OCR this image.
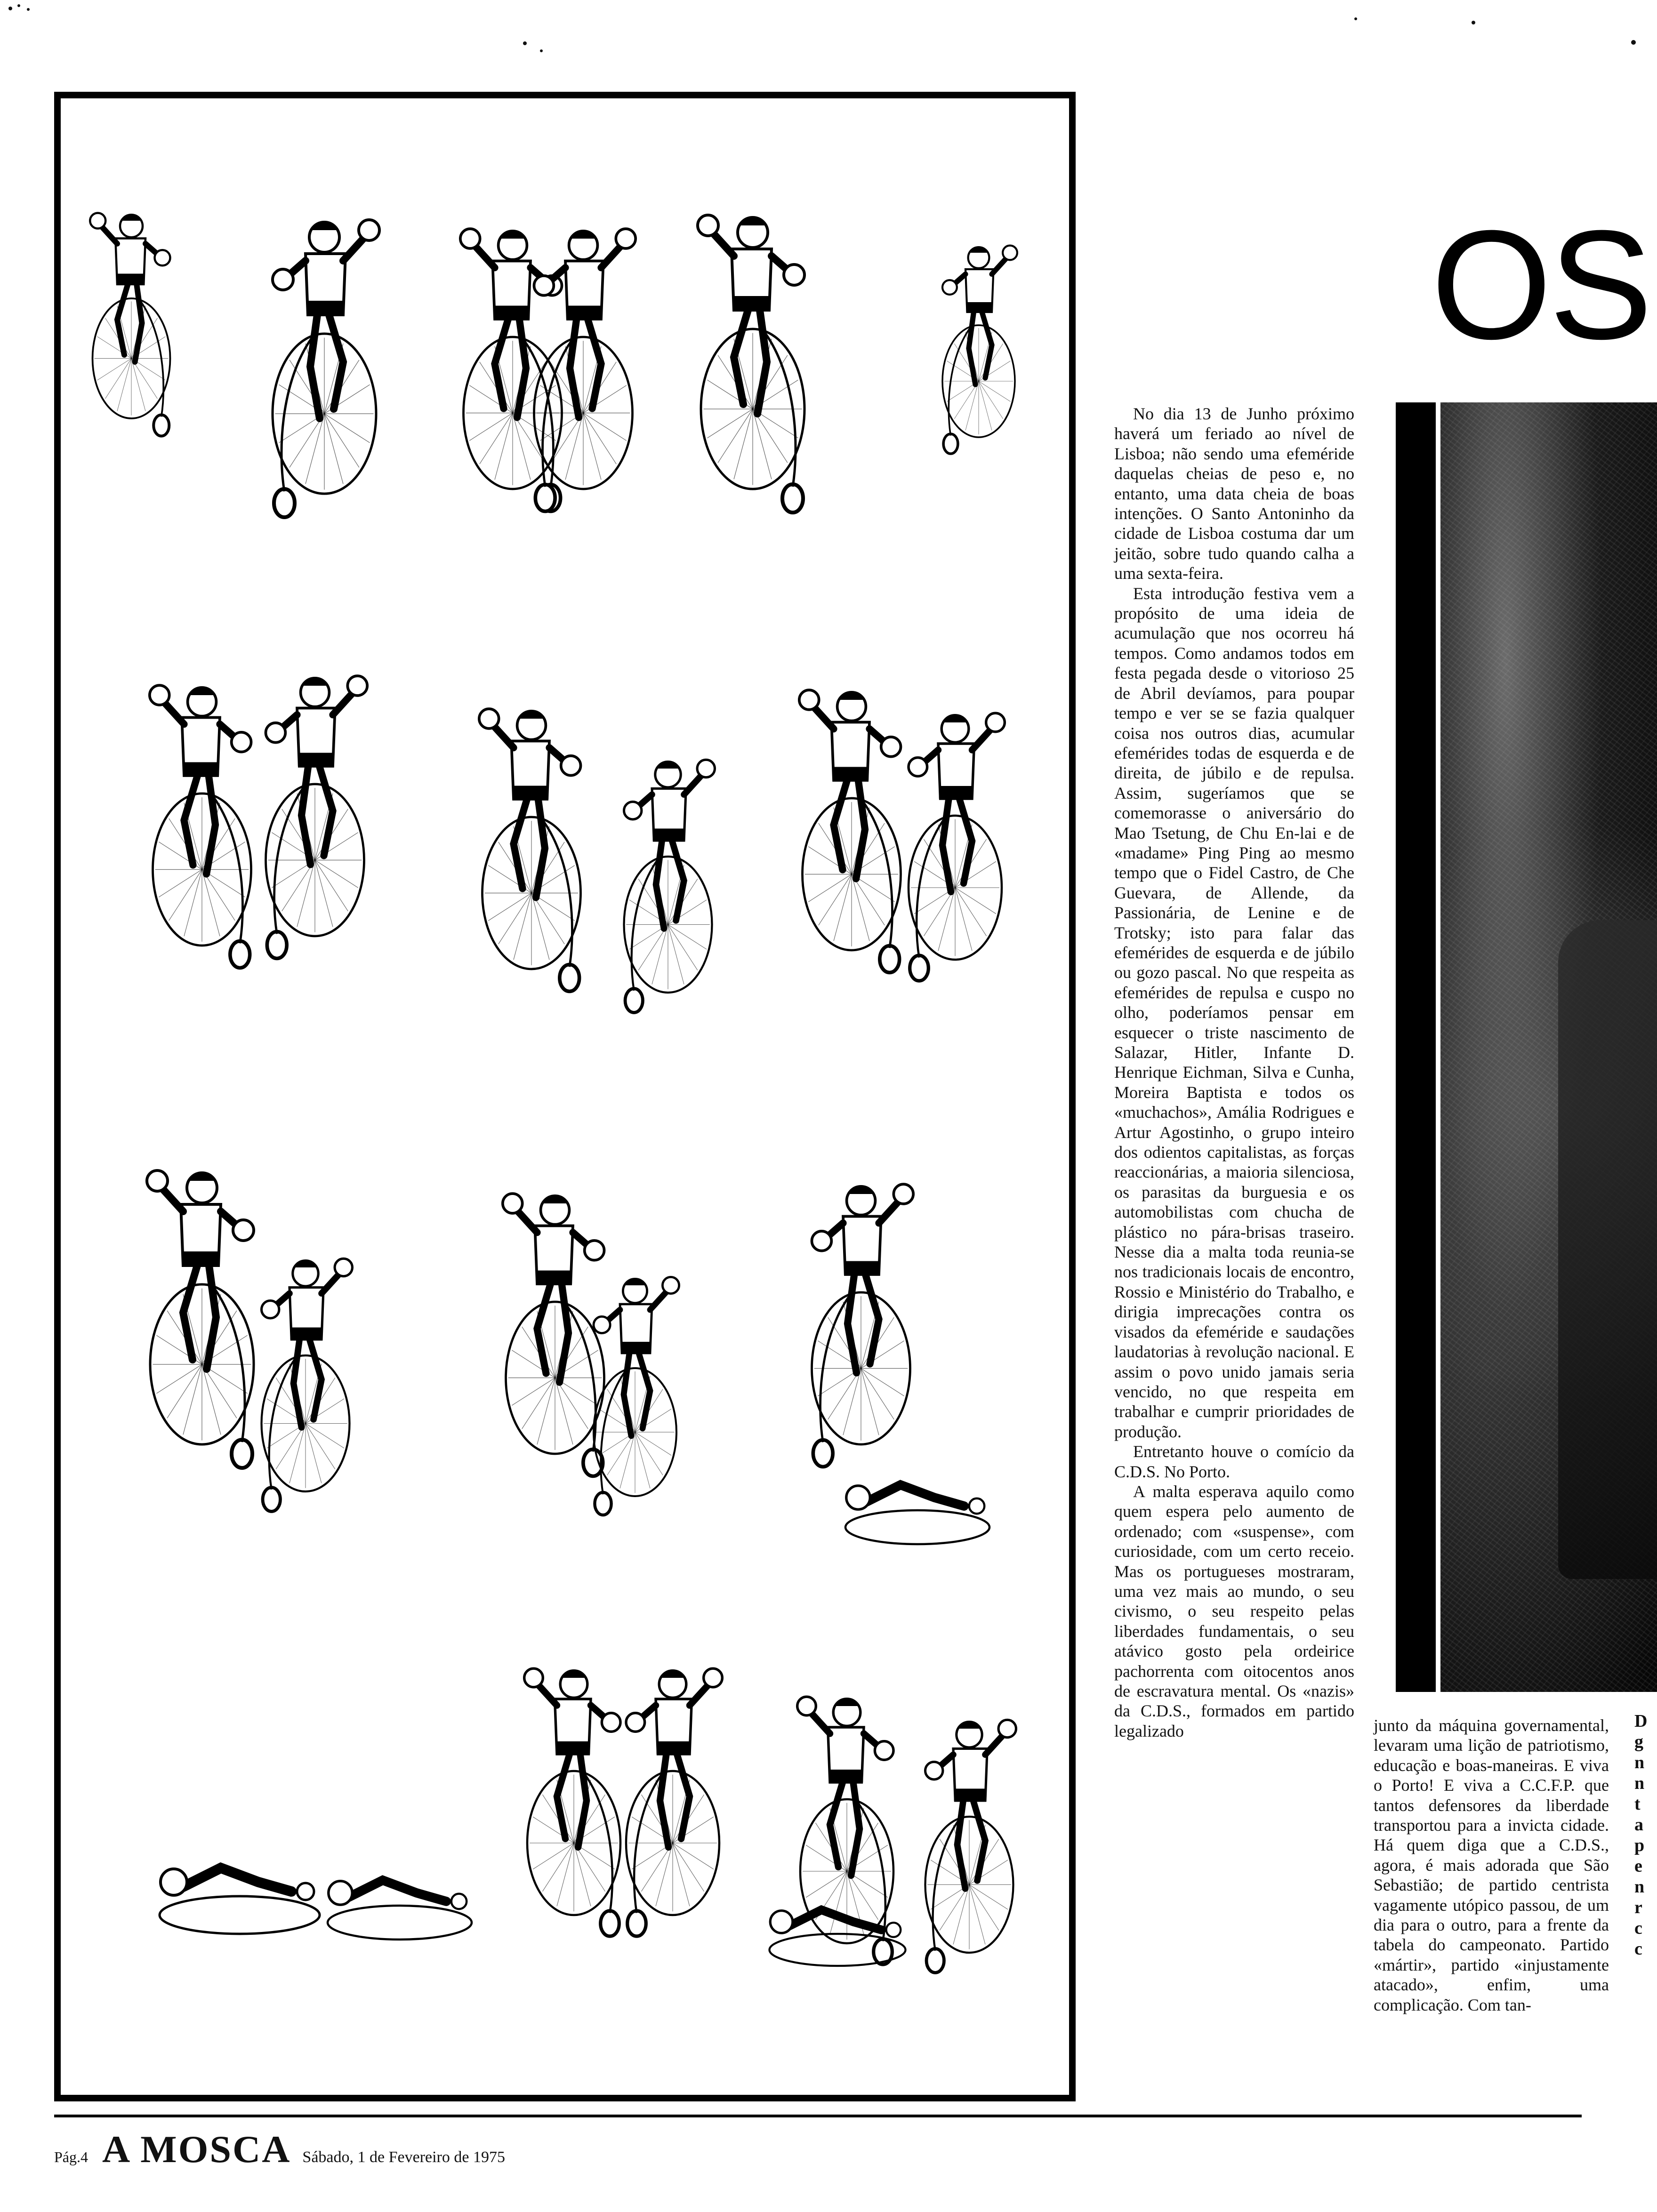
OS

No dia 13 de Junho próximo haverá um feriado ao nível de Lisboa; não sendo uma efeméride daquelas cheias de peso e, no entanto, uma data cheia de boas intenções. O Santo Antoninho da cidade de Lisboa costuma dar um jeitão, sobre tudo quando calha a uma sexta-feira.

Esta introdução festiva vem a propósito de uma ideia de acumulação que nos ocorreu há tempos. Como andamos todos em festa pegada desde o vitorioso 25 de Abril devíamos, para poupar tempo e ver se se fazia qualquer coisa nos outros dias, acumular efemérides todas de esquerda e de direita, de júbilo e de repulsa. Assim, sugeríamos que se comemorasse o aniversário do Mao Tsetung, de Chu En-lai e de «madame» Ping Ping ao mesmo tempo que o Fidel Castro, de Che Guevara, de Allende, da Passionária, de Lenine e de Trotsky; isto para falar das efemérides de esquerda e de júbilo ou gozo pascal. No que respeita as efemérides de repulsa e cuspo no olho, poderíamos pensar em esquecer o triste nascimento de Salazar, Hitler, Infante D. Henrique Eichman, Silva e Cunha, Moreira Baptista e todos os «muchachos», Amália Rodrigues e Artur Agostinho, o grupo inteiro dos odientos capitalistas, as forças reaccionárias, a maioria silenciosa, os parasitas da burguesia e os automobilistas com chucha de plástico no pára-brisas traseiro. Nesse dia a malta toda reunia-se nos tradicionais locais de encontro, Rossio e Ministério do Trabalho, e dirigia imprecações contra os visados da efeméride e saudações laudatorias à revolução nacional. E assim o povo unido jamais seria vencido, no que respeita em trabalhar e cumprir prioridades de produção.

Entretanto houve o comício da C.D.S. No Porto.

A malta esperava aquilo como quem espera pelo aumento de ordenado; com «suspense», com curiosidade, com um certo receio. Mas os portugueses mostraram, uma vez mais ao mundo, o seu civismo, o seu respeito pelas liberdades fundamentais, o seu atávico gosto pela ordeirice pachorrenta com oitocentos anos de escravatura mental. Os «nazis» da C.D.S., formados em partido legalizado	junto da máquina governamental, levaram uma lição de patriotismo, educação e boas-maneiras. E viva o Porto! E viva a C.C.F.P. que tantos defensores da liberdade transportou para a invicta cidade. Há quem diga que a C.D.S., agora, é mais adorada que São Sebastião; de partido centrista vagamente utópico passou, de um dia para o outro, para a frente da tabela do campeonato. Partido «mártir», partido «injustamente atacado», enfim, uma complicação. Com tan-

D
g
n
n
t
a
p
e
n
r
c
c
Pág.4 A MOSCA Sábado, 1 de Fevereiro de 1975
